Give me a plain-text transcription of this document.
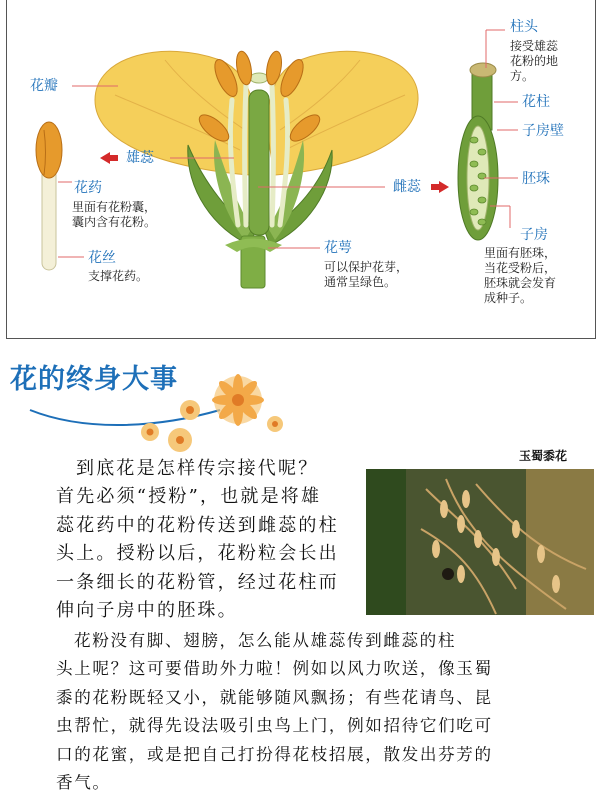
花瓣
雄蕊
雌蕊
花萼
花药
花丝
柱头
花柱
子房壁
胚珠
子房
里面有花粉囊，
囊内含有花粉。
支撑花药。
可以保护花芽，
通常呈绿色。
接受雄蕊
花粉的地
方。
里面有胚珠，
当花受粉后，
胚珠就会发育
成种子。
花的终身大事
玉蜀黍花
到底花是怎样传宗接代呢？
首先必须“授粉”，也就是将雄
蕊花药中的花粉传送到雌蕊的柱
头上。授粉以后，花粉粒会长出
一条细长的花粉管，经过花柱而
伸向子房中的胚珠。
花粉没有脚、翅膀，怎么能从雄蕊传到雌蕊的柱
头上呢？这可要借助外力啦！例如以风力吹送，像玉蜀
黍的花粉既轻又小，就能够随风飘扬；有些花请鸟、昆
虫帮忙，就得先设法吸引虫鸟上门，例如招待它们吃可
口的花蜜，或是把自己打扮得花枝招展，散发出芬芳的
香气。
